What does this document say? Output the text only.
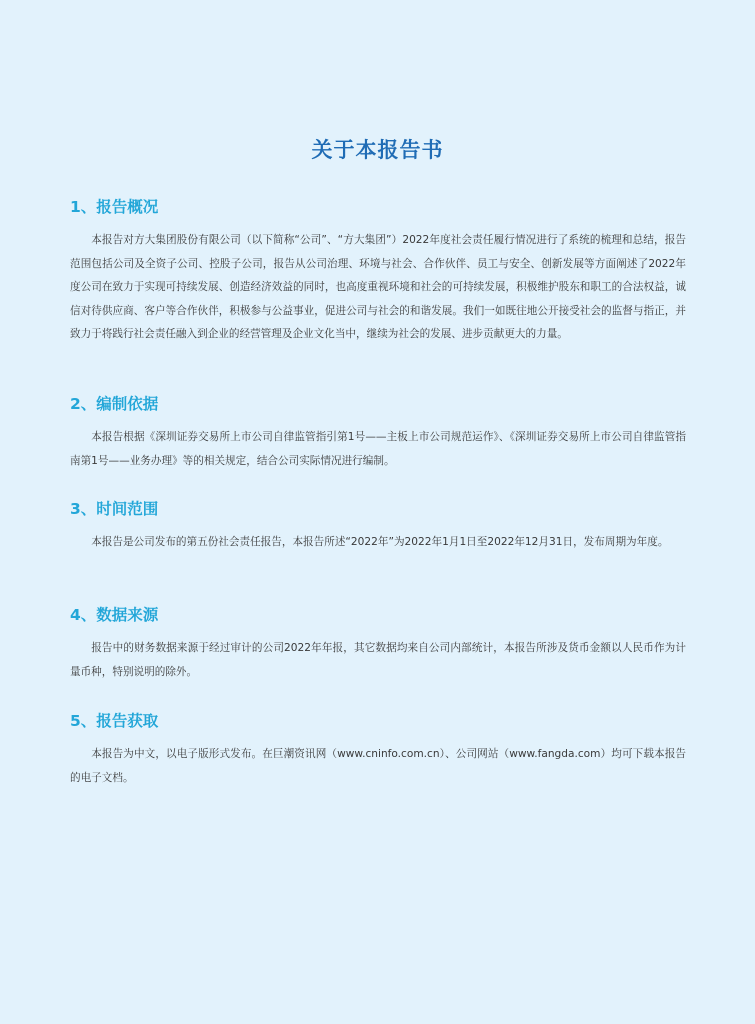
关于本报告书
1、报告概况

本报告对方大集团股份有限公司（以下简称“公司”、“方大集团”）2022年度社会责任履行情况进行了系统的梳理和总结，报告范围包括公司及全资子公司、控股子公司，报告从公司治理、环境与社会、合作伙伴、员工与安全、创新发展等方面阐述了2022年度公司在致力于实现可持续发展、创造经济效益的同时，也高度重视环境和社会的可持续发展，积极维护股东和职工的合法权益，诚信对待供应商、客户等合作伙伴，积极参与公益事业，促进公司与社会的和谐发展。我们一如既往地公开接受社会的监督与指正，并致力于将践行社会责任融入到企业的经营管理及企业文化当中，继续为社会的发展、进步贡献更大的力量。

2、编制依据

本报告根据《深圳证券交易所上市公司自律监管指引第1号——主板上市公司规范运作》、《深圳证券交易所上市公司自律监管指南第1号——业务办理》等的相关规定，结合公司实际情况进行编制。

3、时间范围

本报告是公司发布的第五份社会责任报告，本报告所述“2022年”为2022年1月1日至2022年12月31日，发布周期为年度。

4、数据来源

报告中的财务数据来源于经过审计的公司2022年年报，其它数据均来自公司内部统计，本报告所涉及货币金额以人民币作为计量币种，特别说明的除外。

5、报告获取

本报告为中文，以电子版形式发布。在巨潮资讯网（www.cninfo.com.cn）、公司网站（www.fangda.com）均可下载本报告的电子文档。
